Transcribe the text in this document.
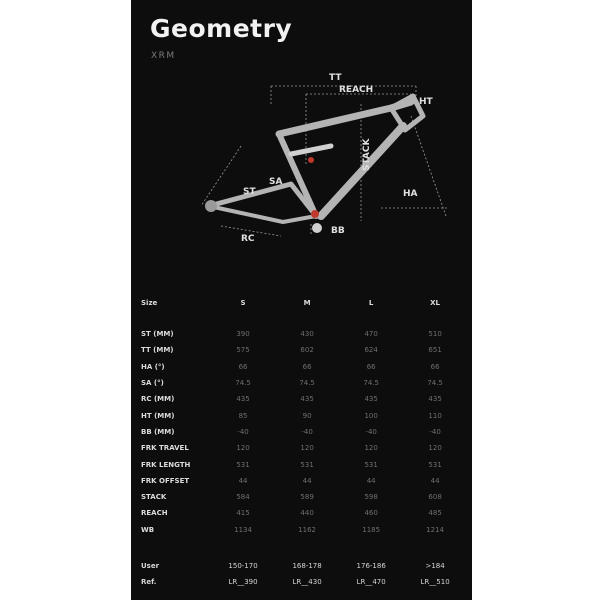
Geometry
XRM
TT
REACH
HT
STACK
HA
ST
SA
RC
BB
Size	S	M	L	XL

ST (MM)	390	430	470	510
TT (MM)	575	602	624	651
HA (°)	66	66	66	66
SA (°)	74.5	74.5	74.5	74.5
RC (MM)	435	435	435	435
HT (MM)	85	90	100	110
BB (MM)	-40	-40	-40	-40
FRK TRAVEL	120	120	120	120
FRK LENGTH	531	531	531	531
FRK OFFSET	44	44	44	44
STACK	584	589	598	608
REACH	415	440	460	485
WB	1134	1162	1185	1214

User	150-170	168-178	176-186	>184
Ref.	LR__390	LR__430	LR__470	LR__510
